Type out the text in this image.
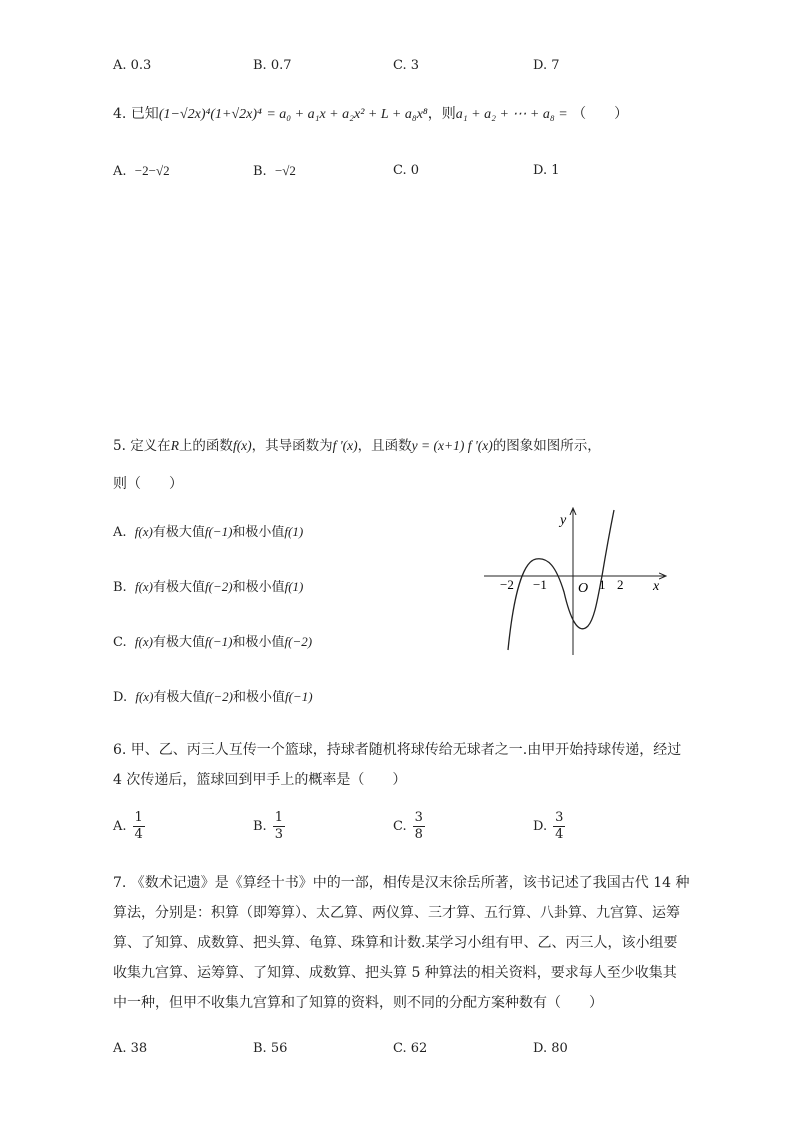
A. 0.3	B. 0.7	C. 3	D. 7
4. 已知(1−√2x)⁴(1+√2x)⁴ = a₀ + a₁x + a₂x² + L + a₈x⁸，则a₁ + a₂ + ⋯ + a₈ = （　　）
A. −2−√2	B. −√2	C. 0	D. 1
5. 定义在R上的函数f(x)，其导函数为f '(x)，且函数y = (x+1) f '(x)的图象如图所示，
则（　　）
A. f(x)有极大值f(−1)和极小值f(1)
B. f(x)有极大值f(−2)和极小值f(1)
C. f(x)有极大值f(−1)和极小值f(−2)
D. f(x)有极大值f(−2)和极小值f(−1)
y
x
O
−2 −1	1 2
6. 甲、乙、丙三人互传一个篮球，持球者随机将球传给无球者之一.由甲开始持球传递，经过
4 次传递后，篮球回到甲手上的概率是（　　）
A. $\frac{1}{4}$	B. $\frac{1}{3}$	C. $\frac{3}{8}$	D. $\frac{3}{4}$
7. 《数术记遗》是《算经十书》中的一部，相传是汉末徐岳所著，该书记述了我国古代 14 种
算法，分别是：积算（即筹算）、太乙算、两仪算、三才算、五行算、八卦算、九宫算、运筹
算、了知算、成数算、把头算、龟算、珠算和计数.某学习小组有甲、乙、丙三人，该小组要
收集九宫算、运筹算、了知算、成数算、把头算 5 种算法的相关资料，要求每人至少收集其
中一种，但甲不收集九宫算和了知算的资料，则不同的分配方案种数有（　　）
A. 38	B. 56	C. 62	D. 80
